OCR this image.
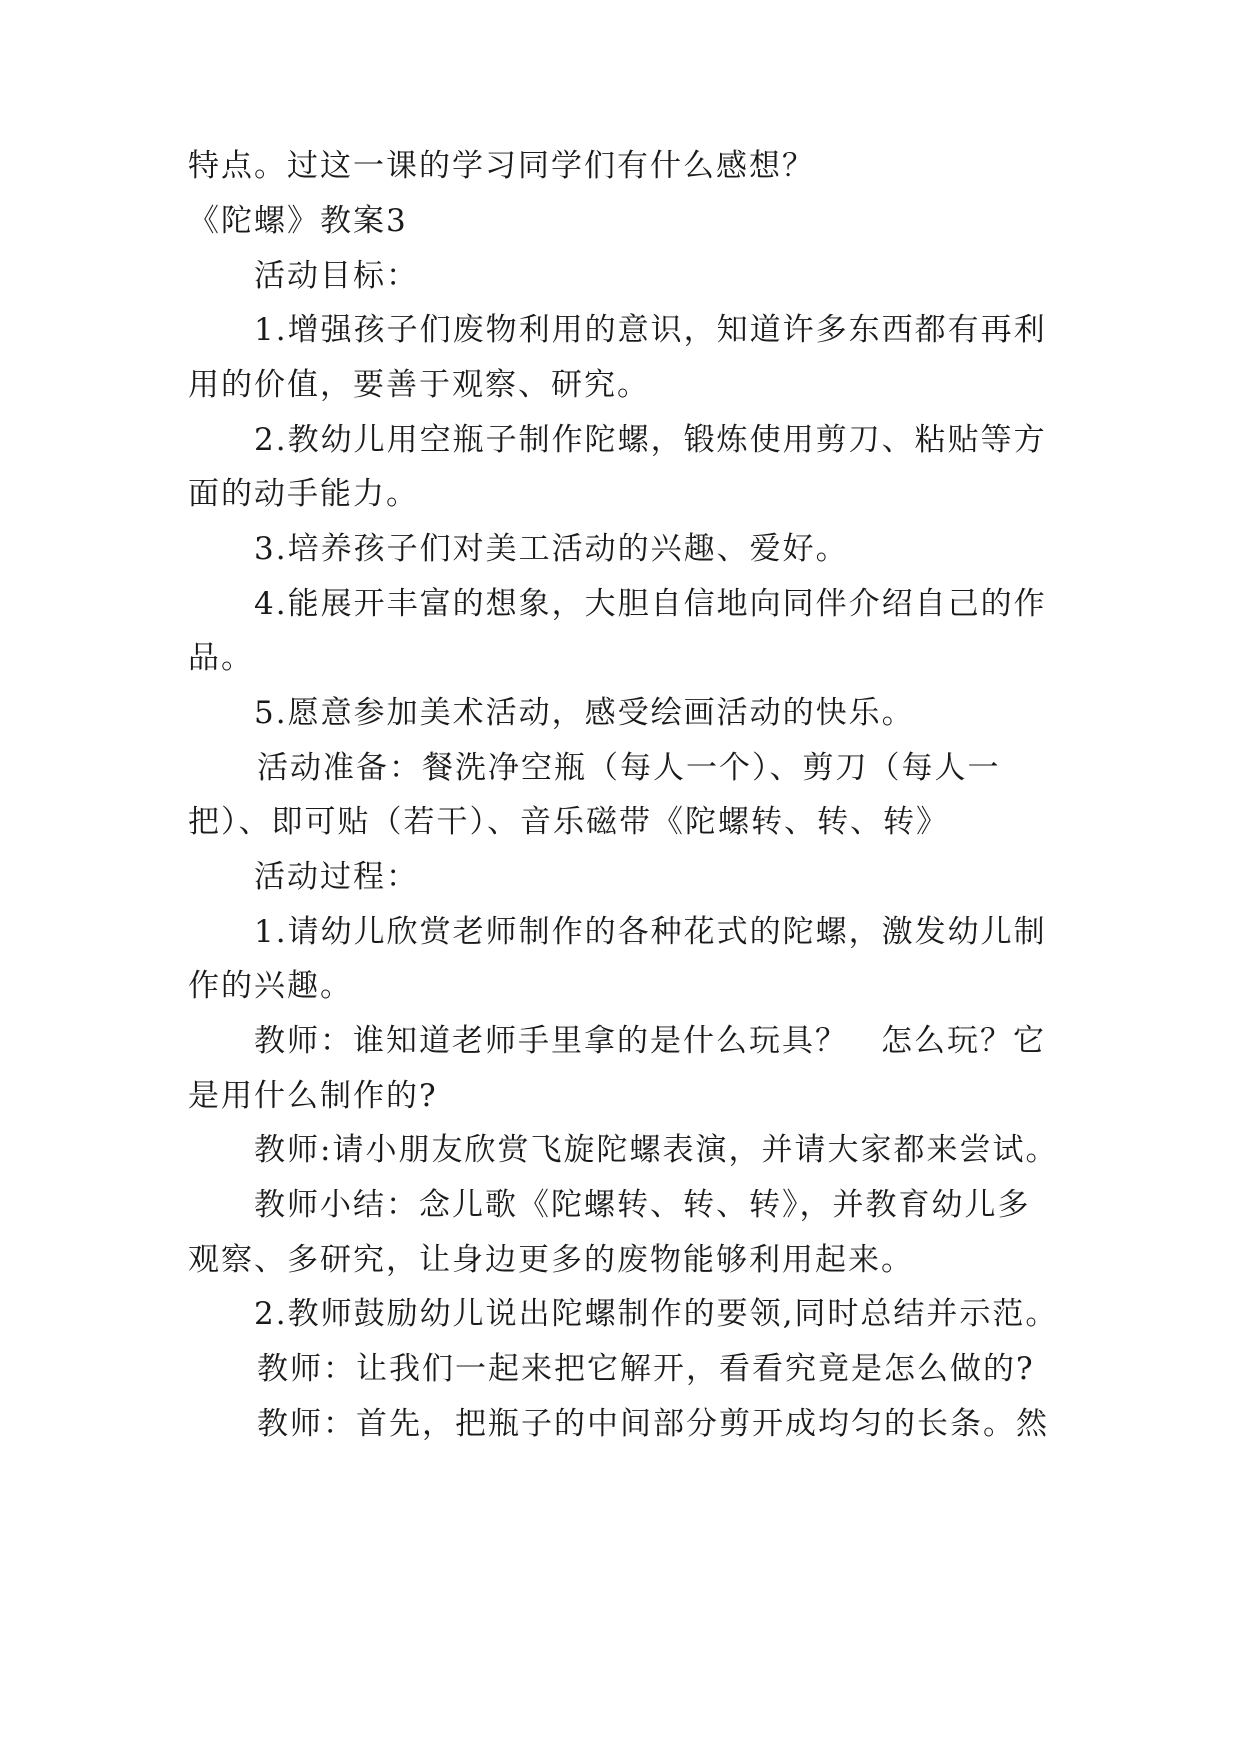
特点。过这一课的学习同学们有什么感想？
《陀螺》教案3
活动目标：
1.增强孩子们废物利用的意识，知道许多东西都有再利
用的价值，要善于观察、研究。
2.教幼儿用空瓶子制作陀螺，锻炼使用剪刀、粘贴等方
面的动手能力。
3.培养孩子们对美工活动的兴趣、爱好。
4.能展开丰富的想象，大胆自信地向同伴介绍自己的作
品。
5.愿意参加美术活动，感受绘画活动的快乐。
活动准备：餐洗净空瓶（每人一个）、剪刀（每人一
把）、即可贴（若干）、音乐磁带《陀螺转、转、转》
活动过程：
1.请幼儿欣赏老师制作的各种花式的陀螺，激发幼儿制
作的兴趣。
教师：谁知道老师手里拿的是什么玩具？　怎么玩？它
是用什么制作的?
教师:请小朋友欣赏飞旋陀螺表演，并请大家都来尝试。
教师小结：念儿歌《陀螺转、转、转》，并教育幼儿多
观察、多研究，让身边更多的废物能够利用起来。
2.教师鼓励幼儿说出陀螺制作的要领,同时总结并示范。
教师：让我们一起来把它解开，看看究竟是怎么做的?
教师：首先，把瓶子的中间部分剪开成均匀的长条。然
